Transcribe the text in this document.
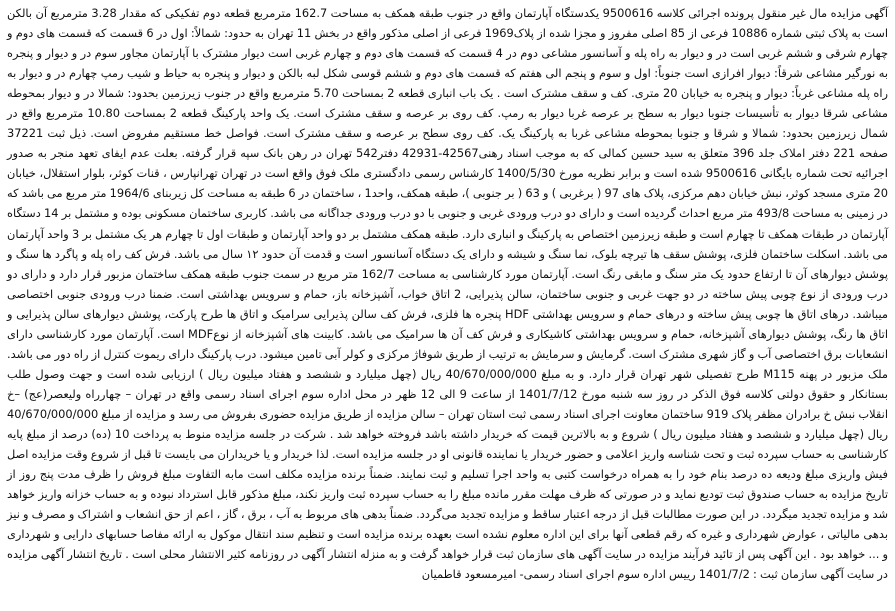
آگهی مزایده مال غیر منقول پرونده اجرائی کلاسه 9500616 یکدستگاه آپارتمان واقع در جنوب طبقه همکف به مساحت 162.7 مترمربع قطعه دوم تفکیکی که مقدار 3.28 مترمربع آن بالکن است به پلاک ثبتی شماره 10886 فرعی از 85 اصلی مفروز و مجزا شده از پلاک1969 فرعی از اصلی مذکور واقع در بخش 11 تهران به حدود: شمالاً: اول در 6 قسمت که قسمت های دوم و چهارم شرقی و ششم غربی است در و دیوار به راه پله و آسانسور مشاعی دوم در 4 قسمت که قسمت های دوم و چهارم غربی است دیوار مشترک با آپارتمان مجاور سوم در و دیوار و پنجره به نورگیر مشاعی شرقاً: دیوار افرازی است جنوباً: اول و سوم و پنجم الی هفتم که قسمت های دوم و ششم قوسی شکل لبه بالکن و دیوار و پنجره به حیاط و شیب رمپ چهارم در و دیوار به راه پله مشاعی غرباً: دیوار و پنجره به خیابان 20 متری. کف و سقف مشترک است . یک باب انباری قطعه 2 بمساحت 5.70 مترمربع واقع در جنوب زیرزمین بحدود: شمالا در و دیوار بمحوطه مشاعی شرقا دیوار به تأسیسات جنوبا دیوار به سطح بر عرصه غربا دیوار به رمپ. کف روی بر عرصه و سقف مشترک است. یک واحد پارکینگ قطعه 2 بمساحت 10.80 مترمربع واقع در شمال زیرزمین بحدود: شمالا و شرقا و جنوبا بمحوطه مشاعی غربا به پارکینگ یک. کف روی سطح بر عرصه و سقف مشترک است. فواصل خط مستقیم مفروض است. ذیل ثبت 37221 صفحه 221 دفتر املاک جلد 396 متعلق به سید حسین کمالی که به موجب اسناد رهنی42567-42931 دفتر542 تهران در رهن بانک سپه قرار گرفته. بعلت عدم ایفای تعهد منجر به صدور اجرائیه تحت شماره بایگانی 9500616 شده است و برابر نظریه مورخ 1400/5/30 کارشناس رسمی دادگستری ملک فوق واقع است در تهران تهرانپارس ، قنات کوثر، بلوار استقلال، خیابان 20 متری مسجد کوثر، نبش خیابان دهم مرکزی، پلاک های 97 ( برغربی ) و 63 ( بر جنوبی )، طبقه همکف، واحد1 ، ساختمان در 6 طبقه به مساحت کل زیربنای 1964/6 متر مربع می باشد که در زمینی به مساحت 493/8 متر مربع احداث گردیده است و دارای دو درب ورودی غربی و جنوبی با دو درب ورودی جداگانه می باشد. کاربری ساختمان مسکونی بوده و مشتمل بر 14 دستگاه آپارتمان در طبقات همکف تا چهارم است و طبقه زیرزمین اختصاص به پارکینگ و انباری دارد. طبقه همکف مشتمل بر دو واحد آپارتمان و طبقات اول تا چهارم هر یک مشتمل بر 3 واحد آپارتمان می باشد. اسکلت ساختمان فلزی، پوشش سقف ها تیرچه بلوک، نما سنگ و شیشه و دارای یک دستگاه آسانسور است و قدمت آن حدود ۱۲ سال می باشد. فرش کف راه پله و پاگرد ها سنگ و پوشش دیوارهای آن تا ارتفاع حدود یک متر سنگ و مابقی رنگ است. آپارتمان مورد کارشناسی به مساحت 162/7 متر مربع در سمت جنوب طبقه همکف ساختمان مزبور قرار دارد و دارای دو درب ورودی از نوع چوبی پیش ساخته در دو جهت غربی و جنوبی ساختمان، سالن پذیرایی، 2 اتاق خواب، آشپزخانه باز، حمام و سرویس بهداشتی است. ضمنا درب ورودی جنوبی اختصاصی میباشد. درهای اتاق ها چوبی پیش ساخته و درهای حمام و سرویس بهداشتی HDF پنجره ها فلزی، فرش کف سالن پذیرایی سرامیک و اتاق ها طرح پارکت، پوشش دیوارهای سالن پذیرایی و اتاق ها رنگ، پوشش دیوارهای آشپزخانه، حمام و سرویس بهداشتی کاشیکاری و فرش کف آن ها سرامیک می باشد. کابینت های آشپزخانه از نوعMDF است. آپارتمان مورد کارشناسی دارای انشعابات برق اختصاصی آب و گاز شهری مشترک است. گرمایش و سرمایش به ترتیب از طریق شوفاژ مرکزی و کولر آبی تامین میشود. درب پارکینگ دارای ریموت کنترل از راه دور می باشد. ملک مزبور در پهنه M115 طرح تفصیلی شهر تهران قرار دارد. و به مبلغ 40/670/000/000 ریال (چهل میلیارد و ششصد و هفتاد میلیون ریال ) ارزیابی شده است و جهت وصول طلب بستانکار و حقوق دولتی کلاسه فوق الذکر در روز سه شنبه مورخ 1401/7/12 از ساعت 9 الی 12 ظهر در محل اداره سوم اجرای اسناد رسمی واقع در تهران – چهارراه ولیعصر(عج) –خ انقلاب نبش خ برادران مظفر پلاک 919 ساختمان معاونت اجرای اسناد رسمی ثبت استان تهران – سالن مزایده از طریق مزایده حضوری بفروش می رسد و مزایده از مبلغ 40/670/000/000 ریال (چهل میلیارد و ششصد و هفتاد میلیون ریال ) شروع و به بالاترین قیمت که خریدار داشته باشد فروخته خواهد شد . شرکت در جلسه مزایده منوط به پرداخت 10 (ده) درصد از مبلغ پایه کارشناسی به حساب سپرده ثبت و تحت شناسه واریز اعلامی و حضور خریدار یا نماینده قانونی او در جلسه مزایده است. لذا خریدار و یا خریداران می بایست تا قبل از شروع وقت مزایده اصل فیش واریزی مبلغ ودیعه ده درصد بنام خود را به همراه درخواست کتبی به واحد اجرا تسلیم و ثبت نمایند. ضمناً برنده مزایده مکلف است مابه التفاوت مبلغ فروش را ظرف مدت پنج روز از تاریخ مزایده به حساب صندوق ثبت تودیع نماید و در صورتی که ظرف مهلت مقرر مانده مبلغ را به حساب سپرده ثبت واریز نکند، مبلغ مذکور قابل استرداد نبوده و به حساب خزانه واریز خواهد شد و مزایده تجدید میگردد. در این صورت مطالبات قبل از درجه اعتبار ساقط و مزایده تجدید می‌گردد. ضمناً بدهی های مربوط به آب ، برق ، گاز ، اعم از حق انشعاب و اشتراک و مصرف و نیز بدهی مالیاتی ، عوارض شهرداری و غیره که رقم قطعی آنها برای این اداره معلوم نشده است بعهده برنده مزایده است و تنظیم سند انتقال موکول به ارائه مفاصا حسابهای دارایی و شهرداری و ... خواهد بود . این آگهی پس از تائید فرآیند مزایده در سایت آگهی های سازمان ثبت قرار خواهد گرفت و به منزله انتشار آگهی در روزنامه کثیر الانتشار محلی است . تاریخ انتشار آگهی مزایده در سایت آگهی سازمان ثبت : 1401/7/2 رییس اداره سوم اجرای اسناد رسمی- امیرمسعود قاطمیان
